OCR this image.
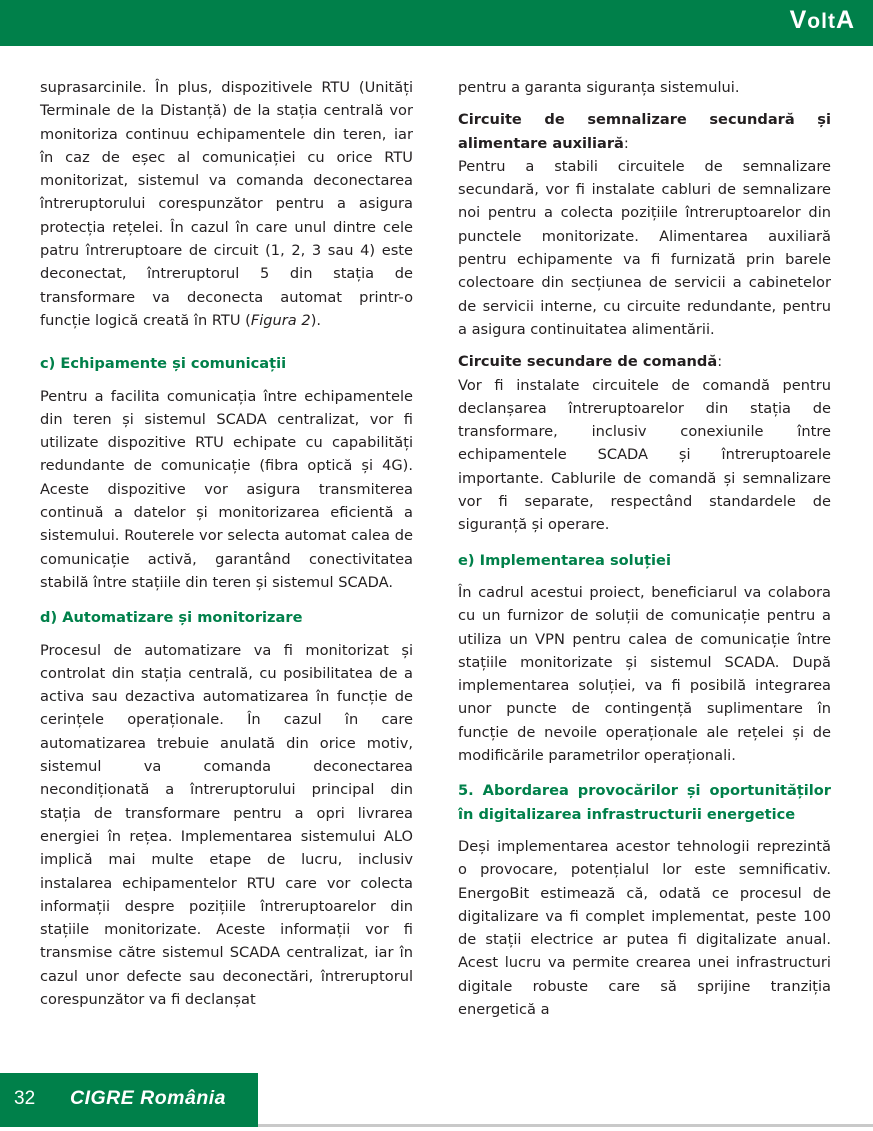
VoltA

suprasarcinile. În plus, dispozitivele RTU (Unități Terminale de la Distanță) de la stația centrală vor monitoriza continuu echipamentele din teren, iar în caz de eșec al comunicației cu orice RTU monitorizat, sistemul va comanda deconectarea întreruptorului corespunzător pentru a asigura protecția rețelei. În cazul în care unul dintre cele patru întreruptoare de circuit (1, 2, 3 sau 4) este deconectat, întreruptorul 5 din stația de transformare va deconecta automat printr-o funcție logică creată în RTU (Figura 2).

c) Echipamente și comunicații

Pentru a facilita comunicația între echipamentele din teren și sistemul SCADA centralizat, vor fi utilizate dispozitive RTU echipate cu capabilități redundante de comunicație (fibra optică și 4G). Aceste dispozitive vor asigura transmiterea continuă a datelor și monitorizarea eficientă a sistemului. Routerele vor selecta automat calea de comunicație activă, garantând conectivitatea stabilă între stațiile din teren și sistemul SCADA.

d) Automatizare și monitorizare

Procesul de automatizare va fi monitorizat și controlat din stația centrală, cu posibilitatea de a activa sau dezactiva automatizarea în funcție de cerințele operaționale. În cazul în care automatizarea trebuie anulată din orice motiv, sistemul va comanda deconectarea necondiționată a întreruptorului principal din stația de transformare pentru a opri livrarea energiei în rețea. Implementarea sistemului ALO implică mai multe etape de lucru, inclusiv instalarea echipamentelor RTU care vor colecta informații despre pozițiile întreruptoarelor din stațiile monitorizate. Aceste informații vor fi transmise către sistemul SCADA centralizat, iar în cazul unor defecte sau deconectări, întreruptorul corespunzător va fi declanșat

pentru a garanta siguranța sistemului.

Circuite de semnalizare secundară și alimentare auxiliară:

Pentru a stabili circuitele de semnalizare secundară, vor fi instalate cabluri de semnalizare noi pentru a colecta pozițiile întreruptoarelor din punctele monitorizate. Alimentarea auxiliară pentru echipamente va fi furnizată prin barele colectoare din secțiunea de servicii a cabinetelor de servicii interne, cu circuite redundante, pentru a asigura continuitatea alimentării.

Circuite secundare de comandă:

Vor fi instalate circuitele de comandă pentru declanșarea întreruptoarelor din stația de transformare, inclusiv conexiunile între echipamentele SCADA și întreruptoarele importante. Cablurile de comandă și semnalizare vor fi separate, respectând standardele de siguranță și operare.

e) Implementarea soluției

În cadrul acestui proiect, beneficiarul va colabora cu un furnizor de soluții de comunicație pentru a utiliza un VPN pentru calea de comunicație între stațiile monitorizate și sistemul SCADA. După implementarea soluției, va fi posibilă integrarea unor puncte de contingență suplimentare în funcție de nevoile operaționale ale rețelei și de modificările parametrilor operaționali.

5. Abordarea provocărilor și oportunităților în digitalizarea infrastructurii energetice

Deși implementarea acestor tehnologii reprezintă o provocare, potențialul lor este semnificativ. EnergoBit estimează că, odată ce procesul de digitalizare va fi complet implementat, peste 100 de stații electrice ar putea fi digitalizate anual. Acest lucru va permite crearea unei infrastructuri digitale robuste care să sprijine tranziția energetică a

32 CIGRE România
